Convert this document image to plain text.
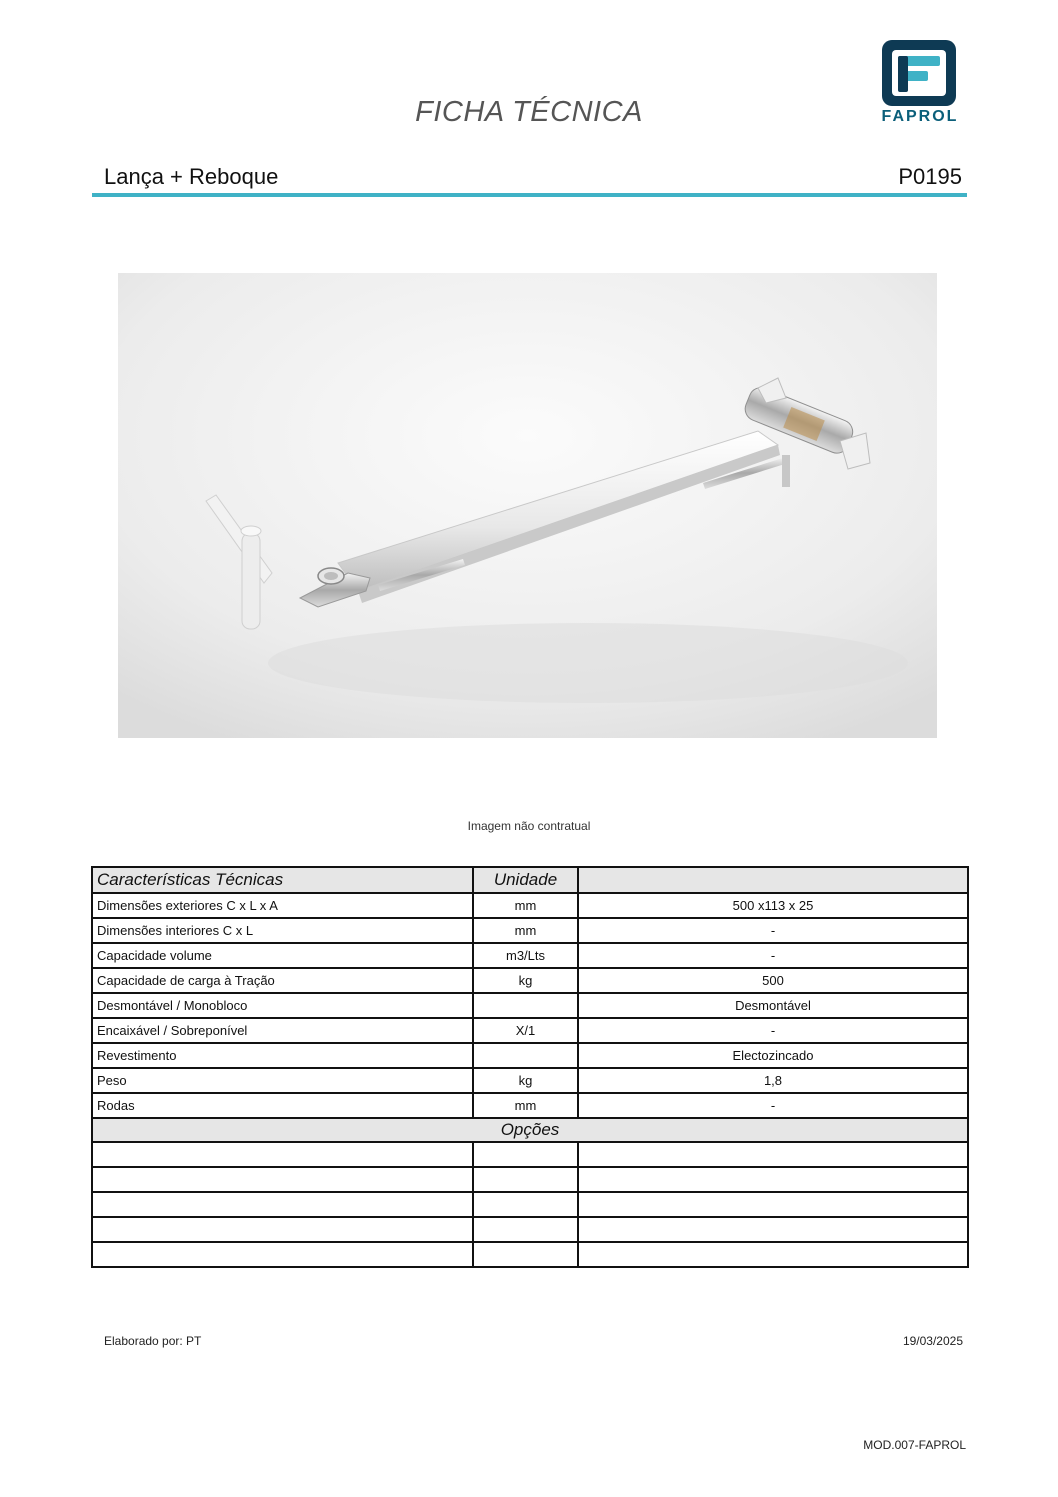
FICHA TÉCNICA	FAPROL
Lança + Reboque	P0195
Imagem não contratual
Características Técnicas	Unidade	
Dimensões exteriores C x L x A	mm	500 x113 x 25
Dimensões interiores C x L	mm	-
Capacidade volume	m3/Lts	-
Capacidade de carga à Tração	kg	500
Desmontável / Monobloco		Desmontável
Encaixável / Sobreponível	X/1	-
Revestimento		Electozincado
Peso	kg	1,8
Rodas	mm	-
Opções		

Elaborado por: PT	19/03/2025
MOD.007-FAPROL
